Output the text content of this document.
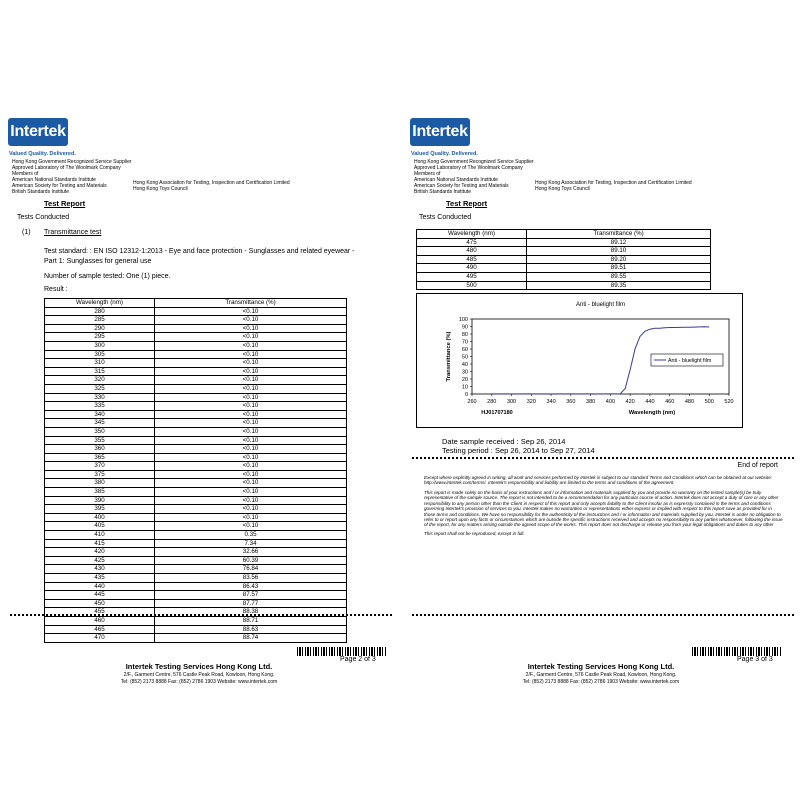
Intertek
Valued Quality. Delivered.
Hong Kong Government Recognized Service Supplier
Approved Laboratory of The Woolmark Company
Members of
American National Standards Institute
American Society for Testing and Materials
British Standards Institute
Hong Kong Association for Testing, Inspection and Certification Limited
Hong Kong Toys Council
Test Report
Tests Conducted
(1) Transmittance test
Test standard: : EN ISO 12312-1:2013 - Eye and face protection - Sunglasses and related eyewear - Part 1: Sunglasses for general use
Number of sample tested: One (1) piece.
Result :
Wavelength (nm)	Transmittance (%)
280	<0.10
285	<0.10
290	<0.10
295	<0.10
300	<0.10
305	<0.10
310	<0.10
315	<0.10
320	<0.10
325	<0.10
330	<0.10
335	<0.10
340	<0.10
345	<0.10
350	<0.10
355	<0.10
360	<0.10
365	<0.10
370	<0.10
375	<0.10
380	<0.10
385	<0.10
390	<0.10
395	<0.10
400	<0.10
405	<0.10
410	0.35
415	7.34
420	32.66
425	60.39
430	76.84
435	83.56
440	86.43
445	87.57
450	87.77
455	88.38
460	88.71
465	88.63
470	88.74
Page 2 of 3
Intertek Testing Services Hong Kong Ltd.
2/F., Garment Centre, 576 Castle Peak Road, Kowloon, Hong Kong.
Tel: (852) 2173 8888 Fax: (852) 2786 1903 Website: www.intertek.com
Intertek
Valued Quality. Delivered.
Hong Kong Government Recognized Service Supplier
Approved Laboratory of The Woolmark Company
Members of
American National Standards Institute
American Society for Testing and Materials
British Standards Institute
Hong Kong Association for Testing, Inspection and Certification Limited
Hong Kong Toys Council
Test Report
Tests Conducted
Wavelength (nm)	Transmittance (%)
475	89.12
480	89.10
485	89.20
490	89.51
495	89.55
500	89.35
Anti - bluelight film
260 280 300 320 340 360 380 400 420 440 460 480 500 520
0
10
20
30
40
50
60
70
80
90
100
Wavelength (nm)
HJ01707180
Transmittance (%)	Anti - bluelight film
Date sample received : Sep 26, 2014
Testing period : Sep 26, 2014 to Sep 27, 2014
End of report
Except where explicitly agreed in writing, all work and services performed by Intertek is subject to our standard Terms and Conditions which can be obtained at our website: http://www.intertek.com/terms/. Intertek's responsibility and liability are limited to the terms and conditions of the agreement.
This report is made solely on the basis of your instructions and / or information and materials supplied by you and provide no warranty on the tested sample(s) be truly representative of the sample source. The report is not intended to be a recommendation for any particular course of action. Intertek does not accept a duty of care or any other responsibility to any person other than the Client in respect of this report and only accepts liability to the Client insofar as is expressly contained in the terms and conditions governing Intertek's provision of services to you. Intertek makes no warranties or representations either express or implied with respect to this report save as provided for in those terms and conditions. We have no responsibility for the authenticity of the instructions and / or information and materials supplied by you. Intertek is under no obligation to refer to or report upon any facts or circumstances which are outside the specific instructions received and accepts no responsibility to any parties whatsoever, following the issue of the report, for any matters arising outside the agreed scope of the works. This report does not discharge or release you from your legal obligations and duties to any other
This report shall not be reproduced, except in full.
Page 3 of 3
Intertek Testing Services Hong Kong Ltd.
2/F., Garment Centre, 576 Castle Peak Road, Kowloon, Hong Kong.
Tel: (852) 2173 8888 Fax: (852) 2786 1903 Website: www.intertek.com
